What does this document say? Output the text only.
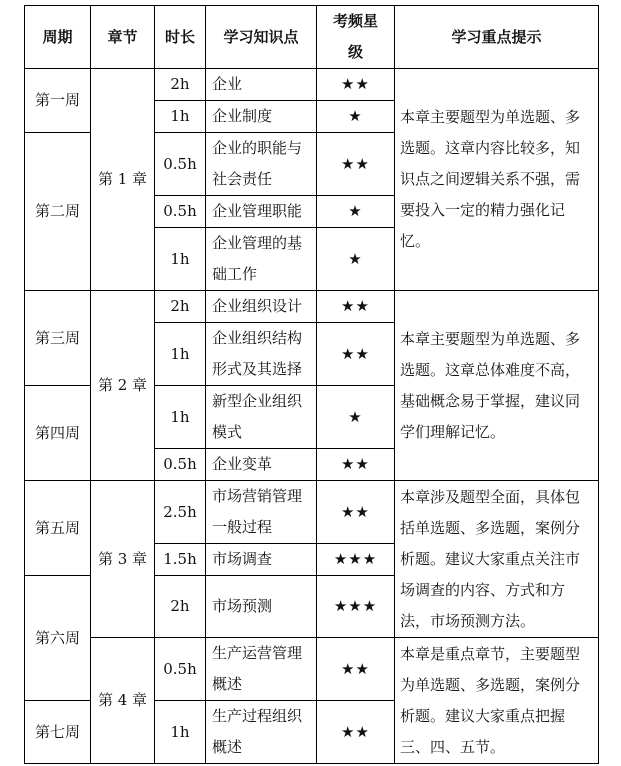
周期	章节	时长	学习知识点	考频星级	学习重点提示
第一周	第 1 章	2h	企业	★★	本章主要题型为单选题、多选题。这章内容比较多，知识点之间逻辑关系不强，需要投入一定的精力强化记忆。
		1h	企业制度	★	
第二周		0.5h	企业的职能与社会责任	★★	
		0.5h	企业管理职能	★	
		1h	企业管理的基础工作	★	
第三周	第 2 章	2h	企业组织设计	★★	本章主要题型为单选题、多选题。这章总体难度不高，基础概念易于掌握，建议同学们理解记忆。
		1h	企业组织结构形式及其选择	★★	
第四周		1h	新型企业组织模式	★	
		0.5h	企业变革	★★	
第五周	第 3 章	2.5h	市场营销管理一般过程	★★	本章涉及题型全面，具体包括单选题、多选题，案例分析题。建议大家重点关注市场调查的内容、方式和方法，市场预测方法。
		1.5h	市场调查	★★★	
第六周		2h	市场预测	★★★	
	第 4 章	0.5h	生产运营管理概述	★★	本章是重点章节，主要题型为单选题、多选题，案例分析题。建议大家重点把握三、四、五节。
第七周		1h	生产过程组织概述	★★	
